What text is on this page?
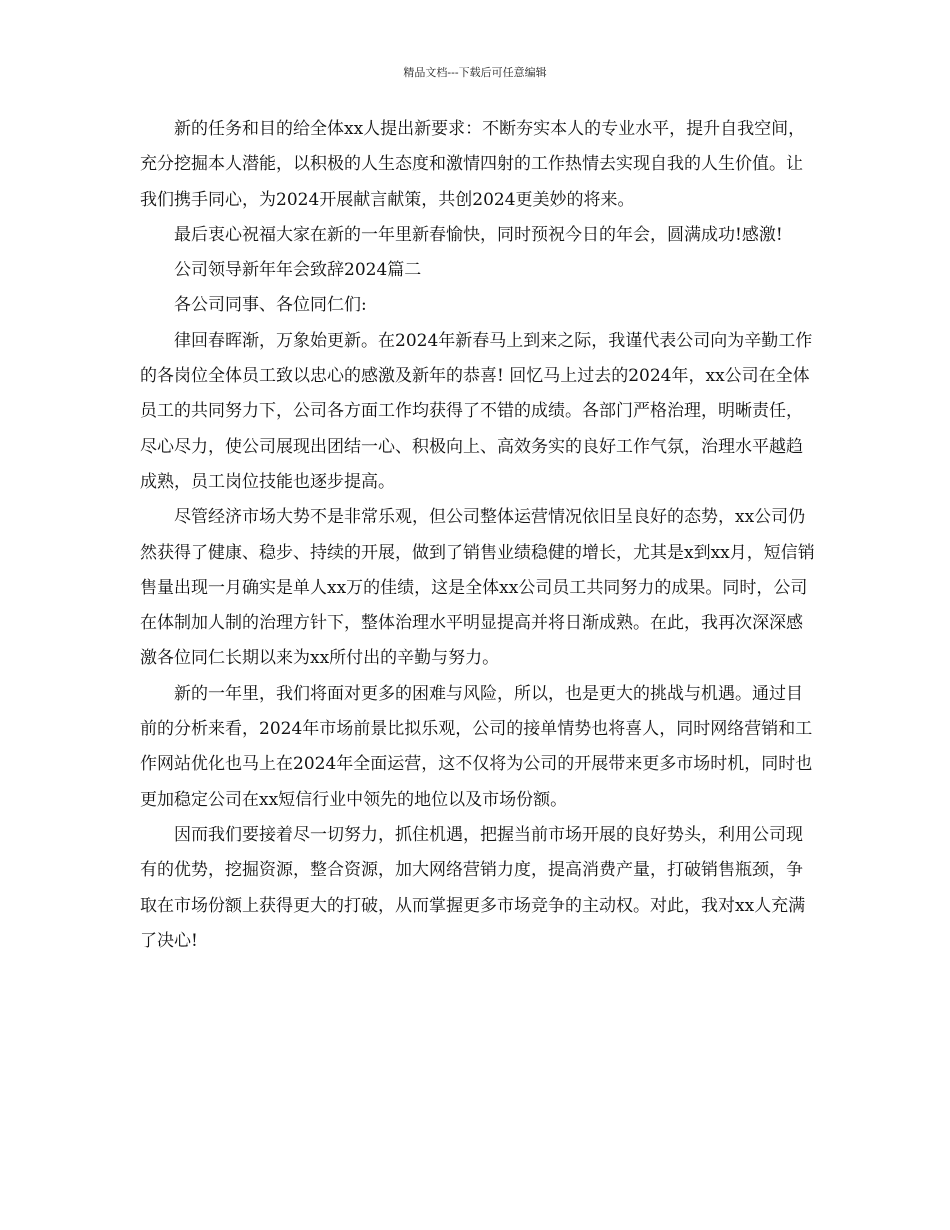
精品文档---下载后可任意编辑

新的任务和目的给全体xx人提出新要求：不断夯实本人的专业水平，提升自我空间，充分挖掘本人潜能，以积极的人生态度和激情四射的工作热情去实现自我的人生价值。让我们携手同心，为2024开展献言献策，共创2024更美妙的将来。

最后衷心祝福大家在新的一年里新春愉快，同时预祝今日的年会，圆满成功!感激!

公司领导新年年会致辞2024篇二

各公司同事、各位同仁们:

律回春晖渐，万象始更新。在2024年新春马上到来之际，我谨代表公司向为辛勤工作的各岗位全体员工致以忠心的感激及新年的恭喜! 回忆马上过去的2024年，xx公司在全体员工的共同努力下，公司各方面工作均获得了不错的成绩。各部门严格治理，明晰责任，尽心尽力，使公司展现出团结一心、积极向上、高效务实的良好工作气氛，治理水平越趋成熟，员工岗位技能也逐步提高。

尽管经济市场大势不是非常乐观，但公司整体运营情况依旧呈良好的态势，xx公司仍然获得了健康、稳步、持续的开展，做到了销售业绩稳健的增长，尤其是x到xx月，短信销售量出现一月确实是单人xx万的佳绩，这是全体xx公司员工共同努力的成果。同时，公司在体制加人制的治理方针下，整体治理水平明显提高并将日渐成熟。在此，我再次深深感激各位同仁长期以来为xx所付出的辛勤与努力。

新的一年里，我们将面对更多的困难与风险，所以，也是更大的挑战与机遇。通过目前的分析来看，2024年市场前景比拟乐观，公司的接单情势也将喜人，同时网络营销和工作网站优化也马上在2024年全面运营，这不仅将为公司的开展带来更多市场时机，同时也更加稳定公司在xx短信行业中领先的地位以及市场份额。

因而我们要接着尽一切努力，抓住机遇，把握当前市场开展的良好势头，利用公司现有的优势，挖掘资源，整合资源，加大网络营销力度，提高消费产量，打破销售瓶颈，争取在市场份额上获得更大的打破，从而掌握更多市场竞争的主动权。对此，我对xx人充满了决心!
